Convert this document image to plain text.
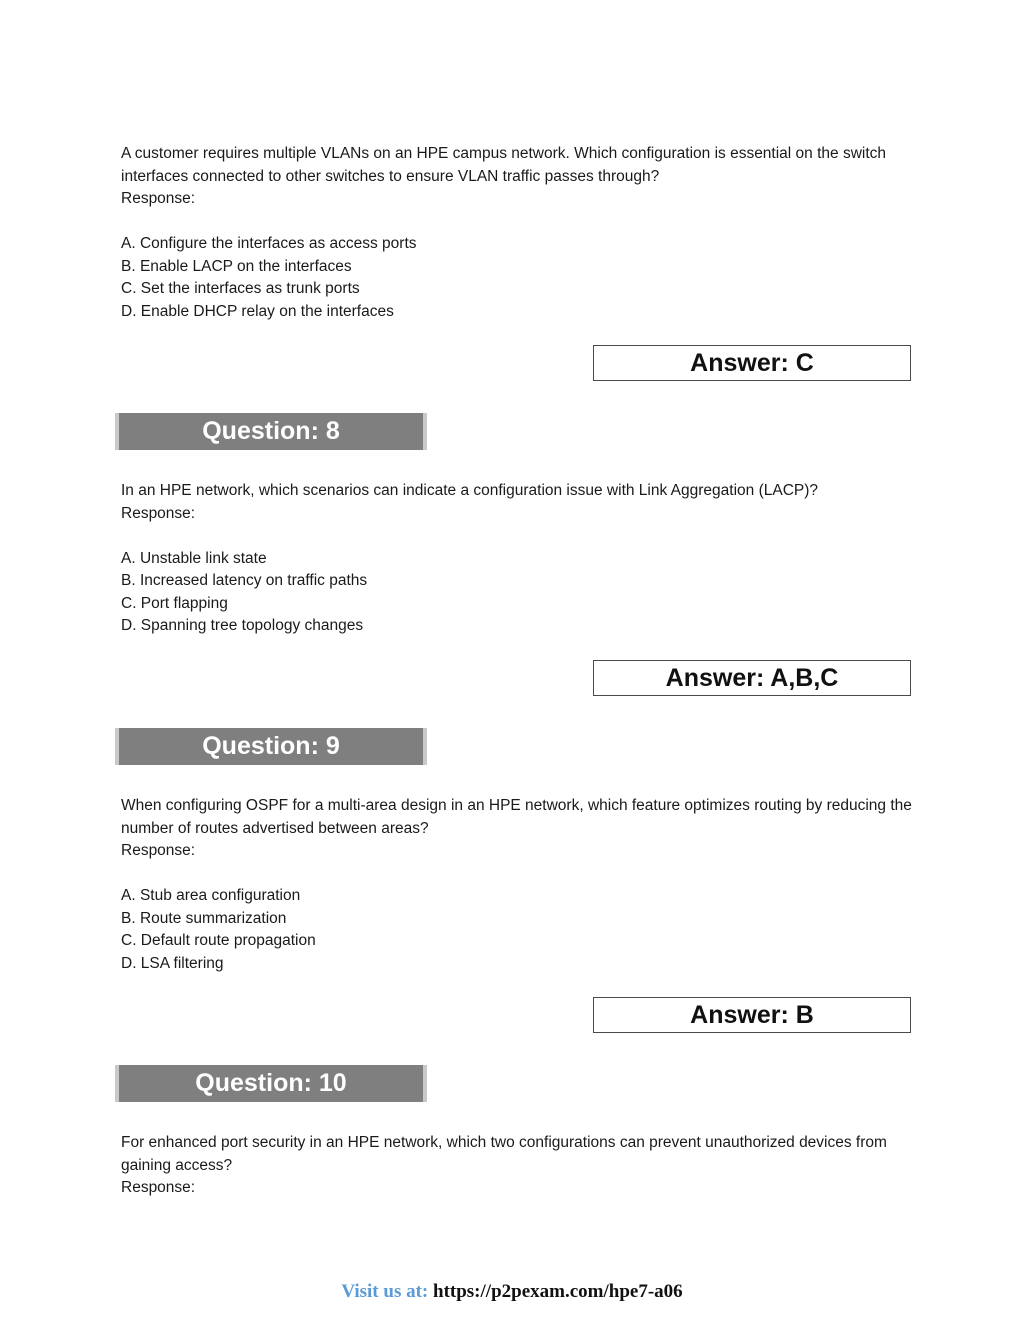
A customer requires multiple VLANs on an HPE campus network. Which configuration is essential on the switch interfaces connected to other switches to ensure VLAN traffic passes through?

Response:

A. Configure the interfaces as access ports
B. Enable LACP on the interfaces
C. Set the interfaces as trunk ports
D. Enable DHCP relay on the interfaces
Answer: C
Question: 8

In an HPE network, which scenarios can indicate a configuration issue with Link Aggregation (LACP)?

Response:

A. Unstable link state
B. Increased latency on traffic paths
C. Port flapping
D. Spanning tree topology changes
Answer: A,B,C
Question: 9

When configuring OSPF for a multi-area design in an HPE network, which feature optimizes routing by reducing the number of routes advertised between areas?

Response:

A. Stub area configuration
B. Route summarization
C. Default route propagation
D. LSA filtering
Answer: B
Question: 10

For enhanced port security in an HPE network, which two configurations can prevent unauthorized devices from gaining access?

Response:

Visit us at: https://p2pexam.com/hpe7-a06
